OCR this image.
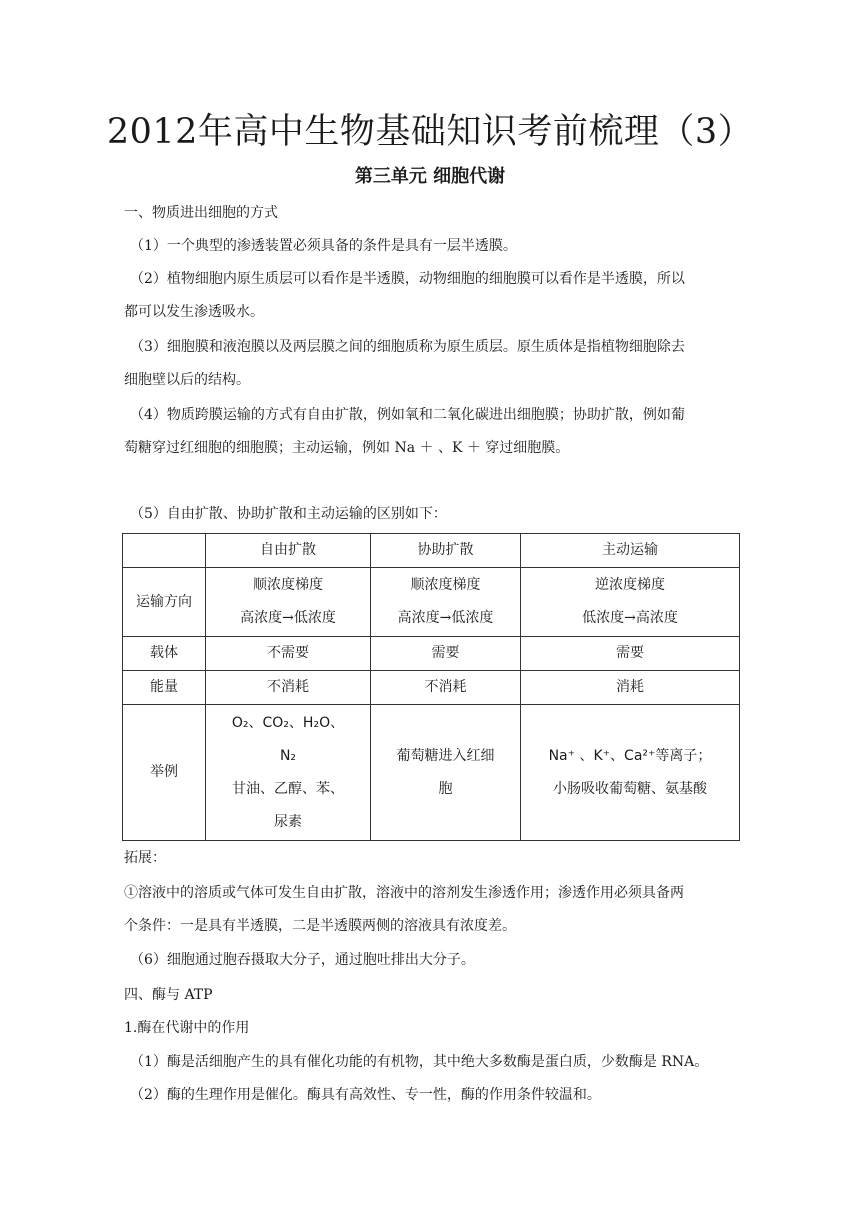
2012年高中生物基础知识考前梳理（3）
第三单元 细胞代谢
一、物质进出细胞的方式
（1）一个典型的渗透装置必须具备的条件是具有一层半透膜。
（2）植物细胞内原生质层可以看作是半透膜，动物细胞的细胞膜可以看作是半透膜，所以
都可以发生渗透吸水。
（3）细胞膜和液泡膜以及两层膜之间的细胞质称为原生质层。原生质体是指植物细胞除去
细胞壁以后的结构。
（4）物质跨膜运输的方式有自由扩散，例如氧和二氧化碳进出细胞膜；协助扩散，例如葡
萄糖穿过红细胞的细胞膜；主动运输，例如 Na ＋ 、K ＋ 穿过细胞膜。
（5）自由扩散、协助扩散和主动运输的区别如下：
	自由扩散	协助扩散	主动运输
运输方向	顺浓度梯度
高浓度→低浓度	顺浓度梯度
高浓度→低浓度	逆浓度梯度
低浓度→高浓度

载体	不需要	需要	需要
能量	不消耗	不消耗	消耗
举例	O₂、CO₂、H₂O、
N₂
甘油、乙醇、苯、
尿素	葡萄糖进入红细
胞	Na⁺ 、K⁺、Ca²⁺等离子；
小肠吸收葡萄糖、氨基酸
拓展：
①溶液中的溶质或气体可发生自由扩散，溶液中的溶剂发生渗透作用；渗透作用必须具备两
个条件：一是具有半透膜，二是半透膜两侧的溶液具有浓度差。
（6）细胞通过胞吞摄取大分子，通过胞吐排出大分子。
四、酶与 ATP
1.酶在代谢中的作用
（1）酶是活细胞产生的具有催化功能的有机物，其中绝大多数酶是蛋白质，少数酶是 RNA。
（2）酶的生理作用是催化。酶具有高效性、专一性，酶的作用条件较温和。
